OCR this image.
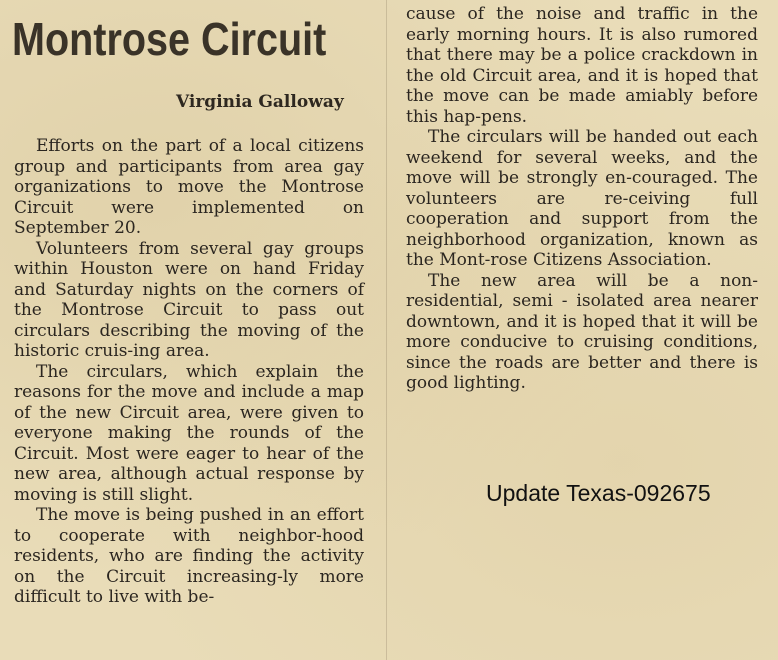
Montrose Circuit
Virginia Galloway

Efforts on the part of a local citizens group and participants from area gay organizations to move the Montrose Circuit were implemented on September 20.

Volunteers from several gay groups within Houston were on hand Friday and Saturday nights on the corners of the Montrose Circuit to pass out circulars describing the moving of the historic cruis-ing area.

The circulars, which explain the reasons for the move and include a map of the new Circuit area, were given to everyone making the rounds of the Circuit. Most were eager to hear of the new area, although actual response by moving is still slight.

The move is being pushed in an effort to cooperate with neighbor-hood residents, who are finding the activity on the Circuit increasing-ly more difficult to live with be-

cause of the noise and traffic in the early morning hours. It is also rumored that there may be a police crackdown in the old Circuit area, and it is hoped that the move can be made amiably before this hap-pens.

The circulars will be handed out each weekend for several weeks, and the move will be strongly en-couraged. The volunteers are re-ceiving full cooperation and support from the neighborhood organization, known as the Mont-rose Citizens Association.

The new area will be a non-residential, semi - isolated area nearer downtown, and it is hoped that it will be more conducive to cruising conditions, since the roads are better and there is good lighting.

Update Texas-092675
